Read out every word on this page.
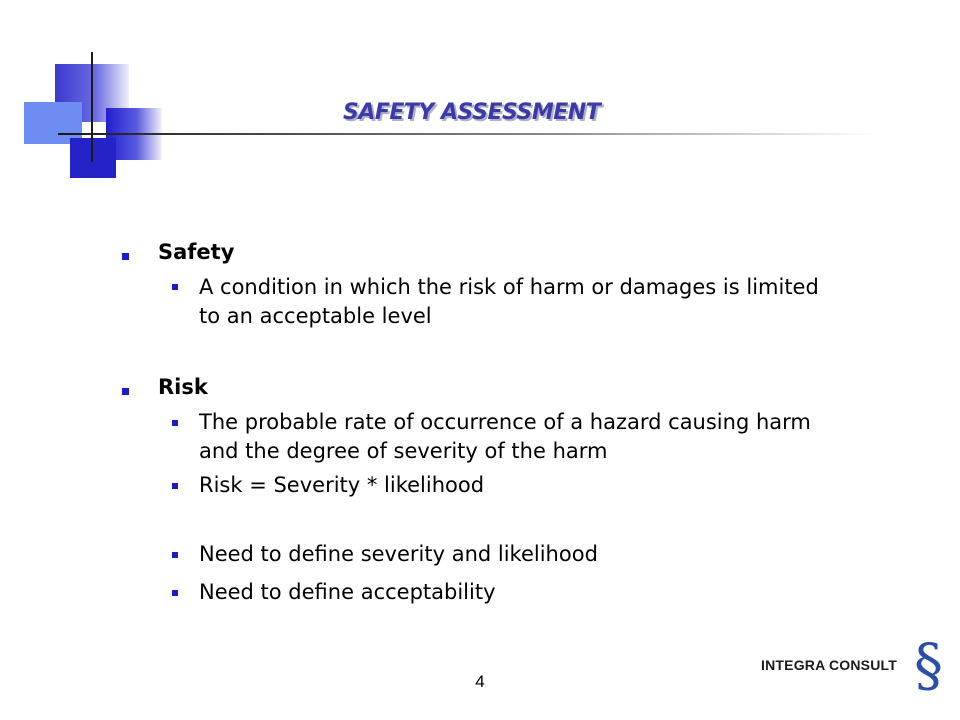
SAFETY ASSESSMENT
Safety
A condition in which the risk of harm or damages is limited to an acceptable level
Risk
The probable rate of occurrence of a hazard causing harm and the degree of severity of the harm
Risk = Severity * likelihood
Need to define severity and likelihood
Need to define acceptability
4
INTEGRA CONSULT §
